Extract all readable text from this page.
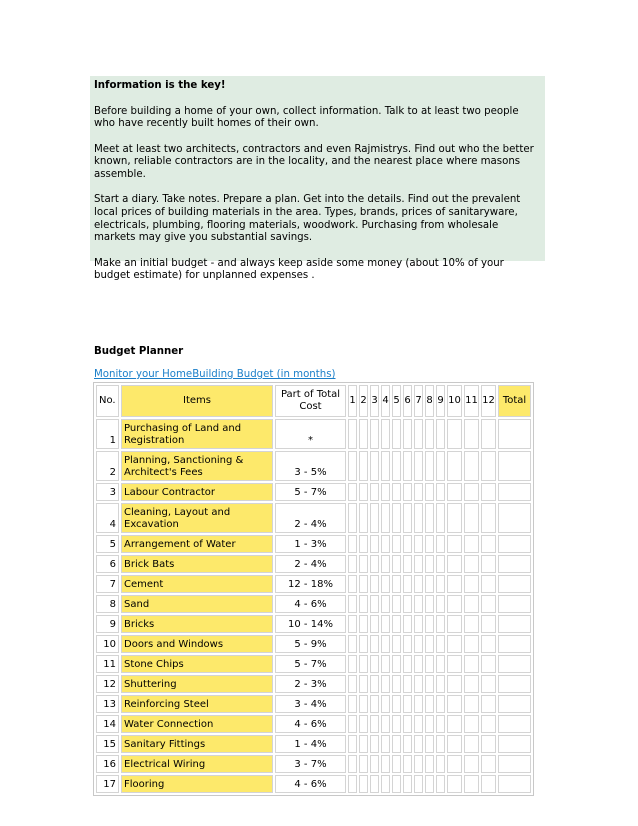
Information is the key!

Before building a home of your own, collect information. Talk to at least two people who have recently built homes of their own.

Meet at least two architects, contractors and even Rajmistrys. Find out who the better known, reliable contractors are in the locality, and the nearest place where masons assemble.

Start a diary. Take notes. Prepare a plan. Get into the details. Find out the prevalent local prices of building materials in the area. Types, brands, prices of sanitaryware, electricals, plumbing, flooring materials, woodwork. Purchasing from wholesale markets may give you substantial savings.

Make an initial budget - and always keep aside some money (about 10% of your budget estimate) for unplanned expenses .

Budget Planner
Monitor your HomeBuilding Budget (in months)
No.	Items	Part of Total Cost	1	2	3	4	5	6	7	8	9	10	11	12	Total
1	Purchasing of Land and Registration	*													
2	Planning, Sanctioning & Architect's Fees	3 - 5%													
3	Labour Contractor	5 - 7%													
4	Cleaning, Layout and Excavation	2 - 4%													
5	Arrangement of Water	1 - 3%													
6	Brick Bats	2 - 4%													
7	Cement	12 - 18%													
8	Sand	4 - 6%													
9	Bricks	10 - 14%													
10	Doors and Windows	5 - 9%													
11	Stone Chips	5 - 7%													
12	Shuttering	2 - 3%													
13	Reinforcing Steel	3 - 4%													
14	Water Connection	4 - 6%													
15	Sanitary Fittings	1 - 4%													
16	Electrical Wiring	3 - 7%													
17	Flooring	4 - 6%													
